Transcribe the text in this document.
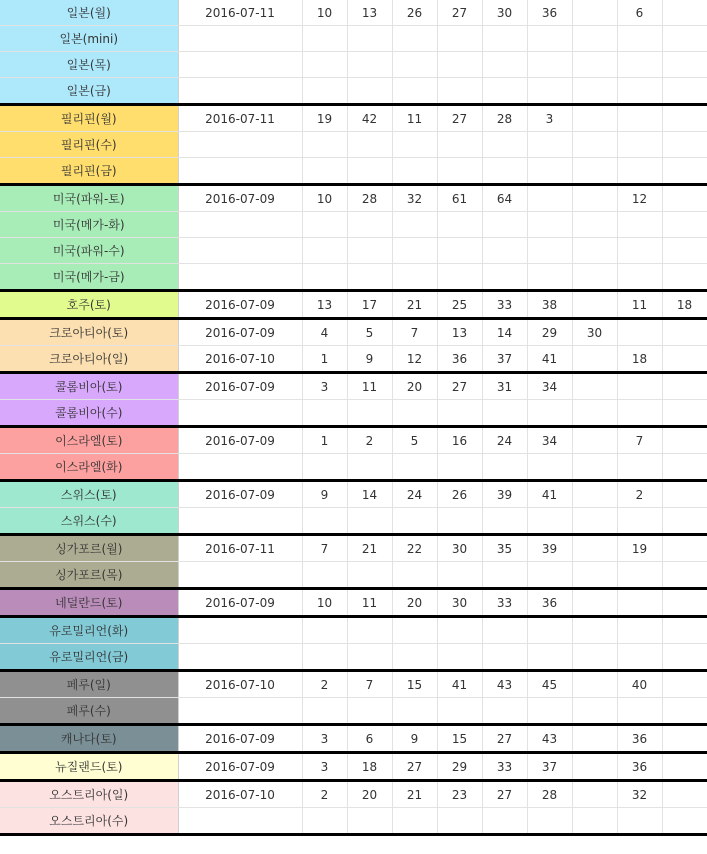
일본(월)	2016-07-11	10	13	26	27	30	36		6	
일본(mini)										
일본(목)										
일본(금)										
필리핀(월)	2016-07-11	19	42	11	27	28	3			
필리핀(수)										
필리핀(금)										
미국(파워-토)	2016-07-09	10	28	32	61	64			12	
미국(메가-화)										
미국(파워-수)										
미국(메가-금)										
호주(토)	2016-07-09	13	17	21	25	33	38		11	18
크로아티아(토)	2016-07-09	4	5	7	13	14	29	30		
크로아티아(일)	2016-07-10	1	9	12	36	37	41		18	
콜롬비아(토)	2016-07-09	3	11	20	27	31	34			
콜롬비아(수)										
이스라엘(토)	2016-07-09	1	2	5	16	24	34		7	
이스라엘(화)										
스위스(토)	2016-07-09	9	14	24	26	39	41		2	
스위스(수)										
싱가포르(월)	2016-07-11	7	21	22	30	35	39		19	
싱가포르(목)										
네덜란드(토)	2016-07-09	10	11	20	30	33	36			
유로밀리언(화)										
유로밀리언(금)										
페루(일)	2016-07-10	2	7	15	41	43	45		40	
페루(수)										
캐나다(토)	2016-07-09	3	6	9	15	27	43		36	
뉴질랜드(토)	2016-07-09	3	18	27	29	33	37		36	
오스트리아(일)	2016-07-10	2	20	21	23	27	28		32	
오스트리아(수)										
